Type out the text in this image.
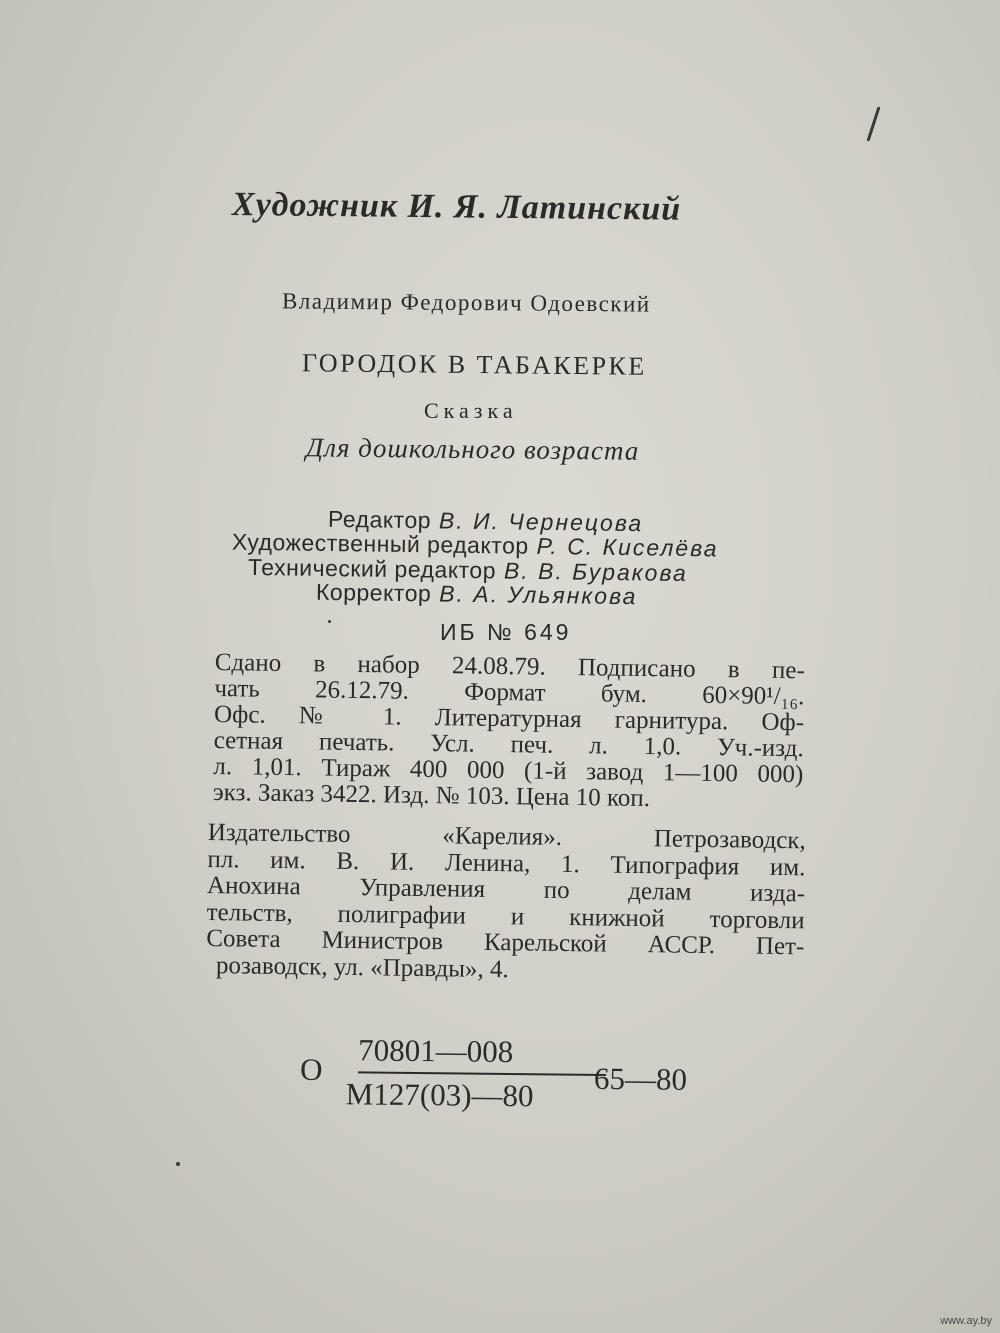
Художник И. Я. Латинский
Владимир Федорович Одоевский
ГОРОДОК В ТАБАКЕРКЕ
Сказка
Для дошкольного возраста
Редактор В. И. Чернецова
Художественный редактор Р. С. Киселёва
Технический редактор В. В. Буракова
Корректор В. А. Ульянкова
ИБ № 649
Сдано в набор 24.08.79. Подписано в пе-
чать 26.12.79. Формат бум. 60×90¹/₁₆.
Офс. № 1. Литературная гарнитура. Оф-
сетная печать. Усл. печ. л. 1,0. Уч.-изд.
л. 1,01. Тираж 400 000 (1-й завод 1—100 000)
экз. Заказ 3422. Изд. № 103. Цена 10 коп.
Издательство «Карелия». Петрозаводск,
пл. им. В. И. Ленина, 1. Типография им.
Анохина Управления по делам изда-
тельств, полиграфии и книжной торговли
Совета Министров Карельской АССР. Пет-
розаводск, ул. «Правды», 4.
О
70801—008
М127(03)—80 65—80
www.ay.by
